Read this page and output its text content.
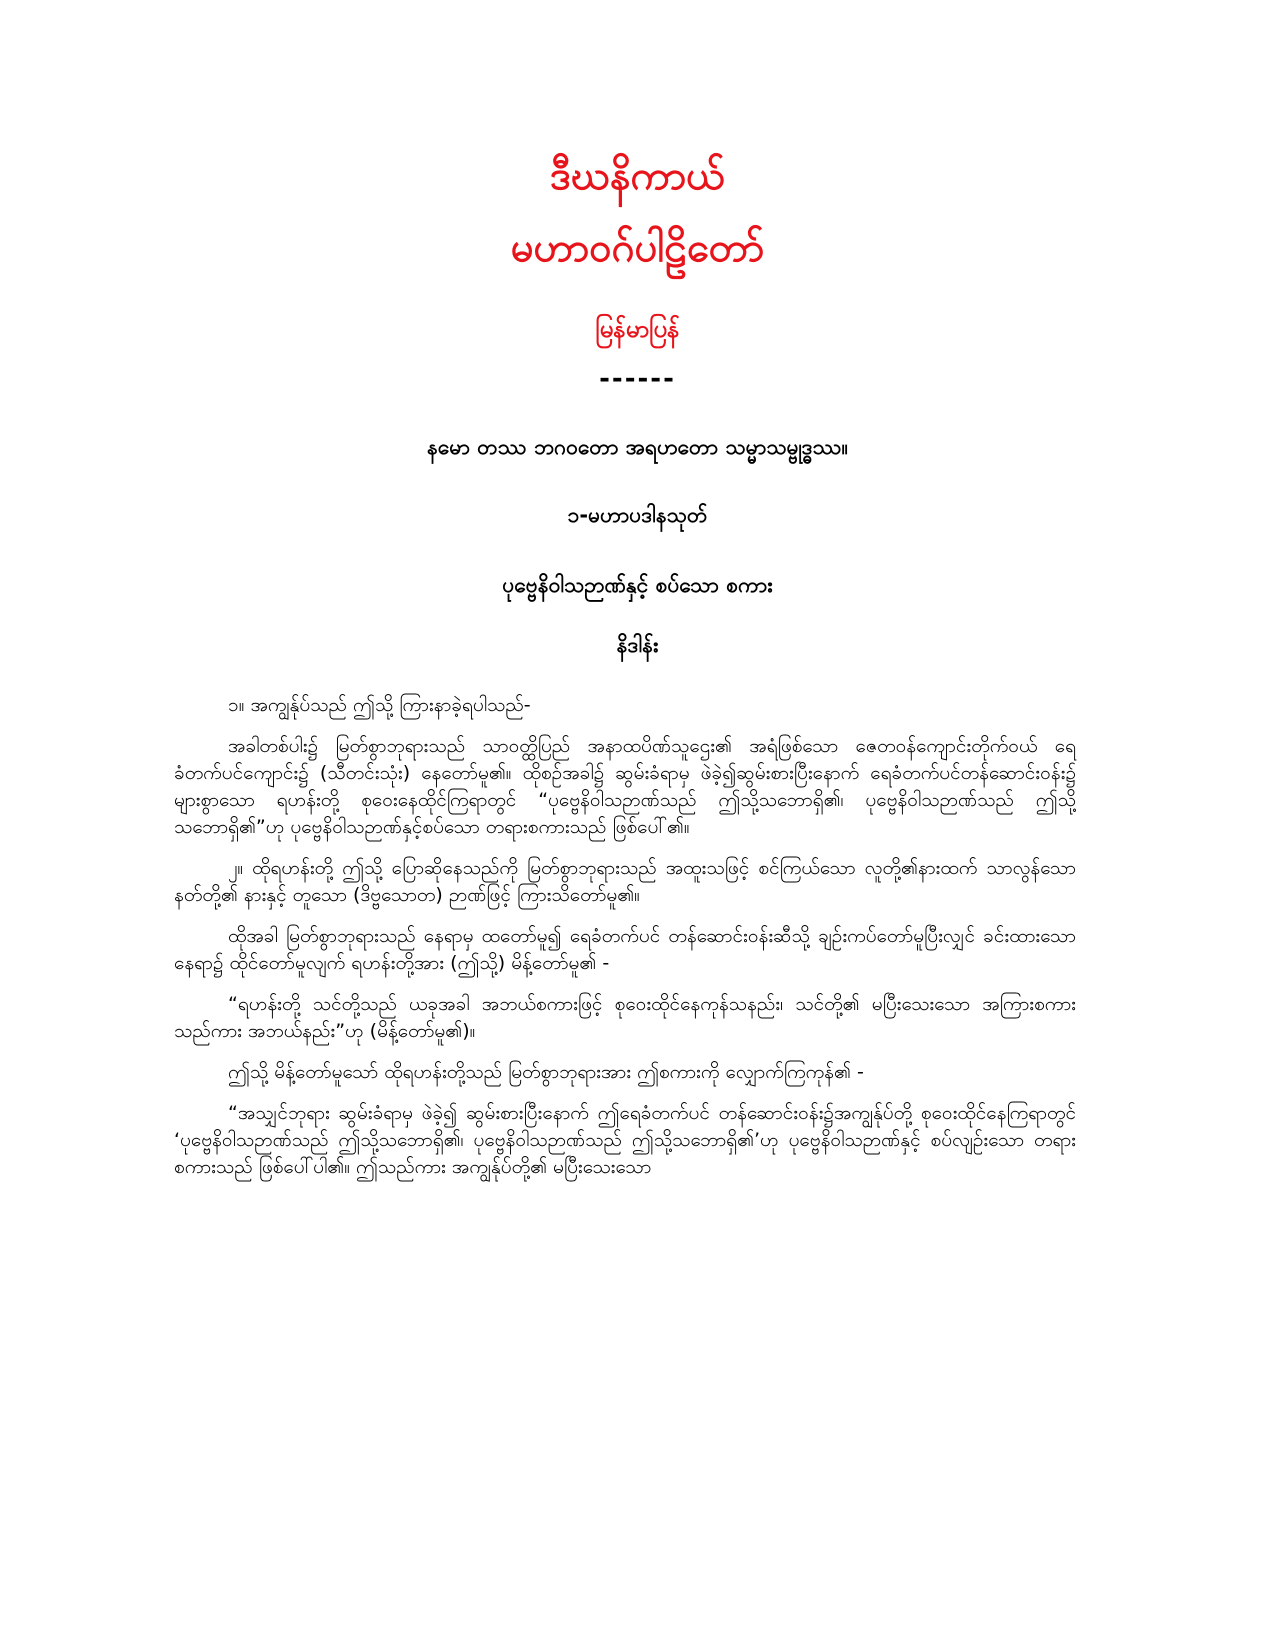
ဒီဃနိကာယ်
မဟာဝဂ်ပါဠိတော်
မြန်မာပြန်
------
နမော တဿ ဘဂဝတော အရဟတော သမ္မာသမ္ဗုဒ္ဓဿ။
၁-မဟာပဒါနသုတ်
ပုဗ္ဗေနိဝါသဉာဏ်နှင့် စပ်သော စကား
နိဒါန်း

၁။ အကျွန်ုပ်သည် ဤသို့ ကြားနာခဲ့ရပါသည်-

အခါတစ်ပါး၌ မြတ်စွာဘုရားသည် သာဝတ္ထိပြည် အနာထပိဏ်သူဌေး၏ အရံဖြစ်သော ဇေတဝန်ကျောင်းတိုက်ဝယ် ရေခံတက်ပင်ကျောင်း၌ (သီတင်းသုံး) နေတော်မူ၏။ ထိုစဉ်အခါ၌ ဆွမ်းခံရာမှ ဖဲခဲ့၍ဆွမ်းစားပြီးနောက် ရေခံတက်ပင်တန်ဆောင်းဝန်း၌ များစွာသော ရဟန်းတို့ စုဝေးနေထိုင်ကြရာတွင် “ပုဗ္ဗေနိဝါသဉာဏ်သည် ဤသို့သဘောရှိ၏၊ ပုဗ္ဗေနိဝါသဉာဏ်သည် ဤသို့သဘောရှိ၏”ဟု ပုဗ္ဗေနိဝါသဉာဏ်နှင့်စပ်သော တရားစကားသည် ဖြစ်ပေါ်၏။

၂။ ထိုရဟန်းတို့ ဤသို့ ပြောဆိုနေသည်ကို မြတ်စွာဘုရားသည် အထူးသဖြင့် စင်ကြယ်သော လူတို့၏နားထက် သာလွန်သော နတ်တို့၏ နားနှင့် တူသော (ဒိဗ္ဗသောတ) ဉာဏ်ဖြင့် ကြားသိတော်မူ၏။

ထိုအခါ မြတ်စွာဘုရားသည် နေရာမှ ထတော်မူ၍ ရေခံတက်ပင် တန်ဆောင်းဝန်းဆီသို့ ချဉ်းကပ်တော်မူပြီးလျှင် ခင်းထားသော နေရာ၌ ထိုင်တော်မူလျက် ရဟန်းတို့အား (ဤသို့) မိန့်တော်မူ၏ -

“ရဟန်းတို့ သင်တို့သည် ယခုအခါ အဘယ်စကားဖြင့် စုဝေးထိုင်နေကုန်သနည်း၊ သင်တို့၏ မပြီးသေးသော အကြားစကား သည်ကား အဘယ်နည်း”ဟု (မိန့်တော်မူ၏)။

ဤသို့ မိန့်တော်မူသော် ထိုရဟန်းတို့သည် မြတ်စွာဘုရားအား ဤစကားကို လျှောက်ကြကုန်၏ -

“အသျှင်ဘုရား ဆွမ်းခံရာမှ ဖဲခဲ့၍ ဆွမ်းစားပြီးနောက် ဤရေခံတက်ပင် တန်ဆောင်းဝန်း၌အကျွန်ုပ်တို့ စုဝေးထိုင်နေကြရာတွင် ‘ပုဗ္ဗေနိဝါသဉာဏ်သည် ဤသို့သဘောရှိ၏၊ ပုဗ္ဗေနိဝါသဉာဏ်သည် ဤသို့သဘောရှိ၏’ဟု ပုဗ္ဗေနိဝါသဉာဏ်နှင့် စပ်လျဉ်းသော တရားစကားသည် ဖြစ်ပေါ်ပါ၏။ ဤသည်ကား အကျွန်ုပ်တို့၏ မပြီးသေးသော
